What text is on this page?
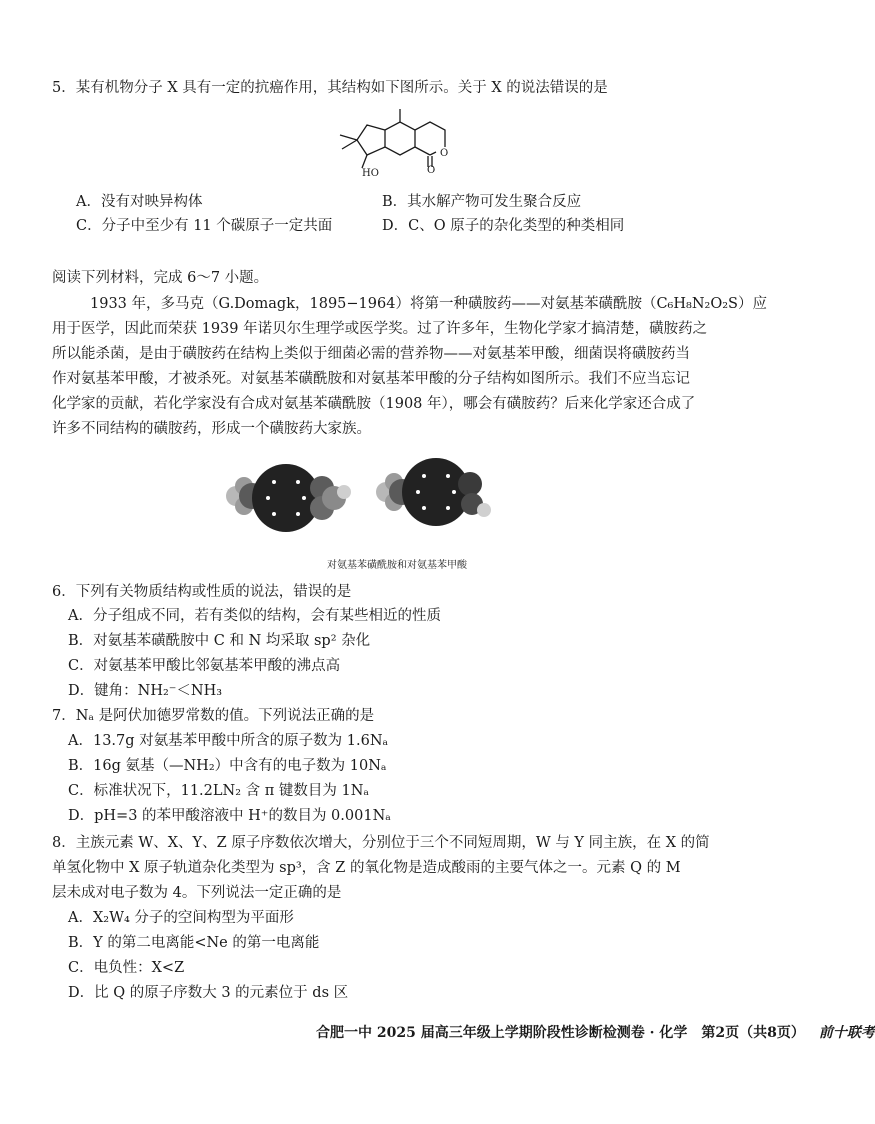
5．某有机物分子 X 具有一定的抗癌作用，其结构如下图所示。关于 X 的说法错误的是
HO
O
O
A．没有对映异构体	B．其水解产物可发生聚合反应
C．分子中至少有 11 个碳原子一定共面	D．C、O 原子的杂化类型的种类相同
阅读下列材料，完成 6～7 小题。
1933 年，多马克（G.Domagk，1895−1964）将第一种磺胺药——对氨基苯磺酰胺（C₆H₈N₂O₂S）应
用于医学，因此而荣获 1939 年诺贝尔生理学或医学奖。过了许多年，生物化学家才搞清楚，磺胺药之
所以能杀菌，是由于磺胺药在结构上类似于细菌必需的营养物——对氨基苯甲酸，细菌误将磺胺药当
作对氨基苯甲酸，才被杀死。对氨基苯磺酰胺和对氨基苯甲酸的分子结构如图所示。我们不应当忘记
化学家的贡献，若化学家没有合成对氨基苯磺酰胺（1908 年），哪会有磺胺药？后来化学家还合成了
许多不同结构的磺胺药，形成一个磺胺药大家族。
对氨基苯磺酰胺和对氨基苯甲酸
6．下列有关物质结构或性质的说法，错误的是
A．分子组成不同，若有类似的结构，会有某些相近的性质
B．对氨基苯磺酰胺中 C 和 N 均采取 sp² 杂化
C．对氨基苯甲酸比邻氨基苯甲酸的沸点高
D．键角：NH₂⁻＜NH₃
7．Nₐ 是阿伏加德罗常数的值。下列说法正确的是
A．13.7g 对氨基苯甲酸中所含的原子数为 1.6Nₐ
B．16g 氨基（—NH₂）中含有的电子数为 10Nₐ
C．标准状况下，11.2LN₂ 含 π 键数目为 1Nₐ
D．pH=3 的苯甲酸溶液中 H⁺的数目为 0.001Nₐ
8．主族元素 W、X、Y、Z 原子序数依次增大，分别位于三个不同短周期，W 与 Y 同主族，在 X 的简
单氢化物中 X 原子轨道杂化类型为 sp³，含 Z 的氧化物是造成酸雨的主要气体之一。元素 Q 的 M
层未成对电子数为 4。下列说法一定正确的是
A．X₂W₄ 分子的空间构型为平面形
B．Y 的第二电离能<Ne 的第一电离能
C．电负性：X<Z
D．比 Q 的原子序数大 3 的元素位于 ds 区
合肥一中 2025 届高三年级上学期阶段性诊断检测卷 · 化学　第2页（共8页） 前十联考
